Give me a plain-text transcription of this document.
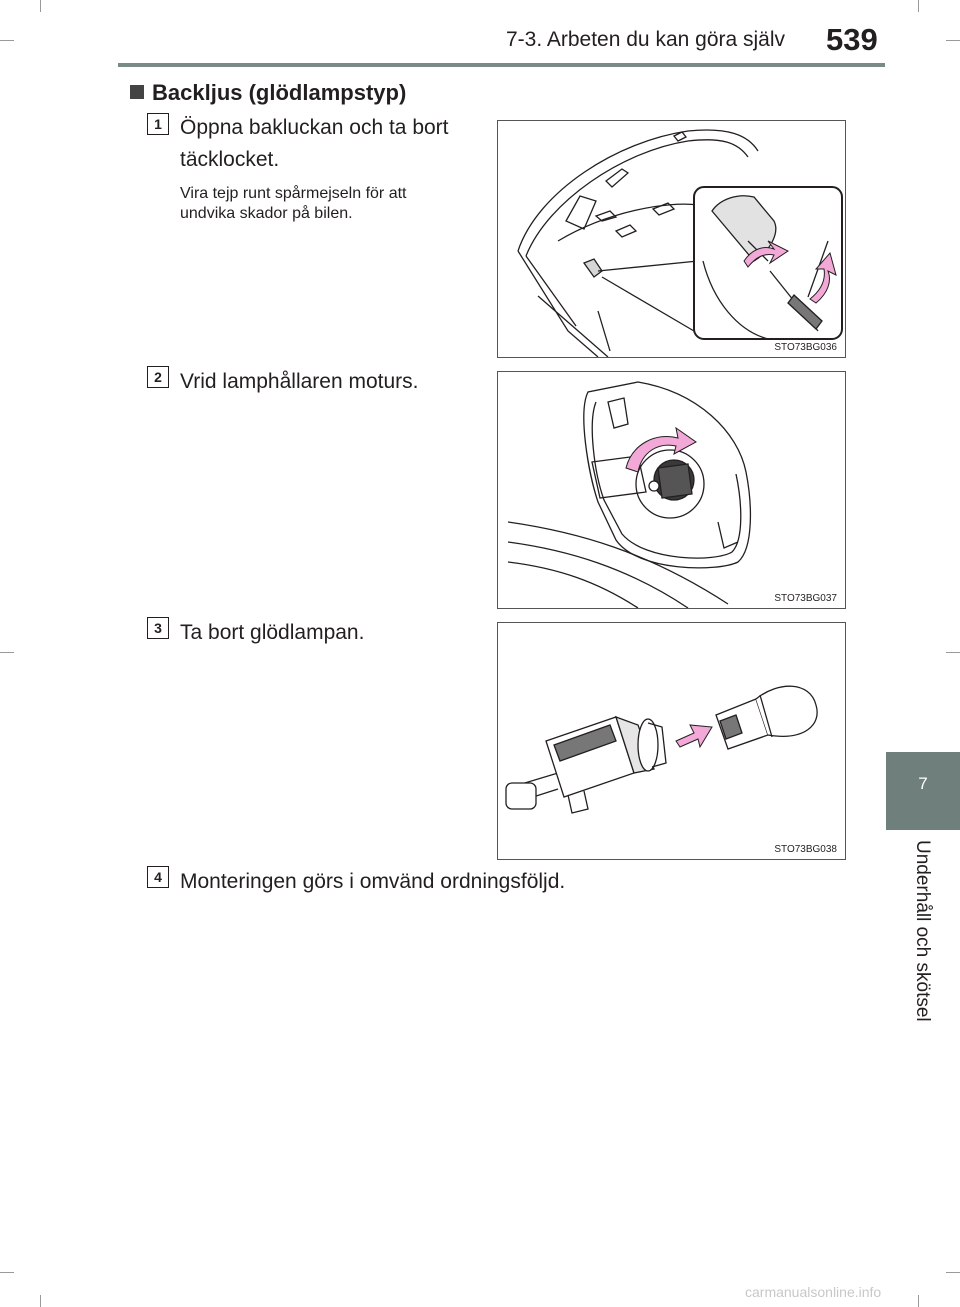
7-3. Arbeten du kan göra själv 539
7
Underhåll och skötsel
Backljus (glödlampstyp)
1 Öppna bakluckan och ta bort
täcklocket.
Vira tejp runt spårmejseln för att
undvika skador på bilen.
STO73BG036
2 Vrid lamphållaren moturs.
STO73BG037
3 Ta bort glödlampan.
STO73BG038
4 Monteringen görs i omvänd ordningsföljd.
carmanualsonline.info
